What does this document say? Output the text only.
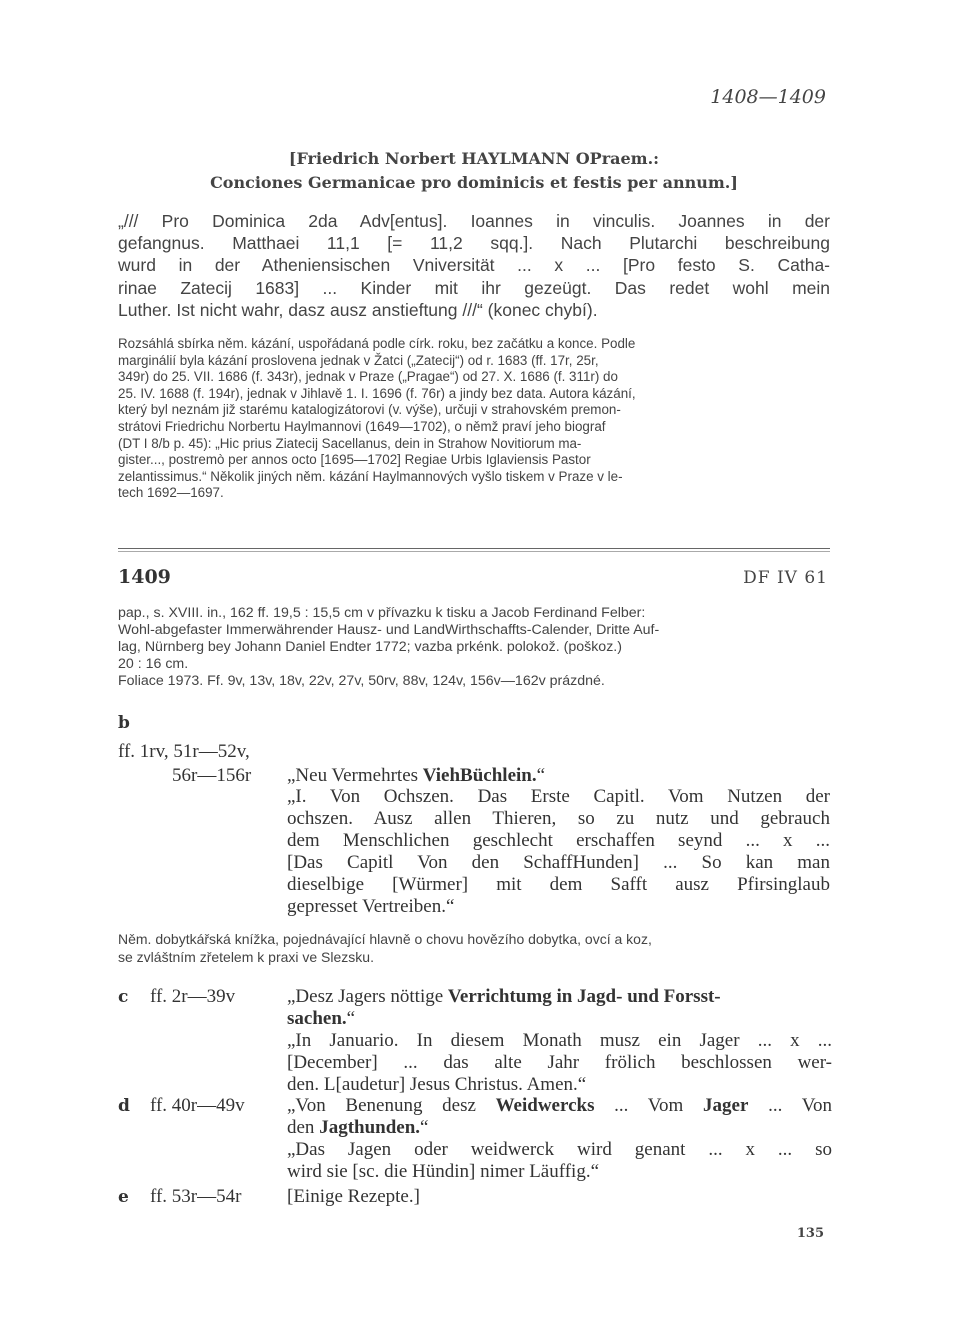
1408—1409
[Friedrich Norbert HAYLMANN OPraem.:
Conciones Germanicae pro dominicis et festis per annum.]
„/// Pro Dominica 2da Adv[entus]. Ioannes in vinculis. Joannes in der
gefangnus. Matthaei 11,1 [= 11,2 sqq.]. Nach Plutarchi beschreibung
wurd in der Atheniensischen Vniversität ... x ... [Pro festo S. Catha-
rinae Zatecij 1683] ... Kinder mit ihr gezeügt. Das redet wohl mein
Luther. Ist nicht wahr, dasz ausz anstieftung ///“ (konec chybí).
Rozsáhlá sbírka něm. kázání, uspořádaná podle círk. roku, bez začátku a konce. Podle
marginálií byla kázání proslovena jednak v Žatci („Zatecij“) od r. 1683 (ff. 17r, 25r,
349r) do 25. VII. 1686 (f. 343r), jednak v Praze („Pragae“) od 27. X. 1686 (f. 311r) do
25. IV. 1688 (f. 194r), jednak v Jihlavě 1. I. 1696 (f. 76r) a jindy bez data. Autora kázání,
který byl neznám již starému katalogizátorovi (v. výše), určuji v strahovském premon-
strátovi Friedrichu Norbertu Haylmannovi (1649—1702), o němž praví jeho biograf
(DT I 8/b p. 45): „Hic prius Ziatecij Sacellanus, dein in Strahow Novitiorum ma-
gister..., postremò per annos octo [1695—1702] Regiae Urbis Iglaviensis Pastor
zelantissimus.“ Několik jiných něm. kázání Haylmannových vyšlo tiskem v Praze v le-
tech 1692—1697.
1409	DF IV 61
pap., s. XVIII. in., 162 ff. 19,5 : 15,5 cm v přívazku k tisku a Jacob Ferdinand Felber:
Wohl-abgefaster Immerwährender Hausz- und LandWirthschaffts-Calender, Dritte Auf-
lag, Nürnberg bey Johann Daniel Endter 1772; vazba prkénk. polokož. (poškoz.)
20 : 16 cm.
Foliace 1973. Ff. 9v, 13v, 18v, 22v, 27v, 50rv, 88v, 124v, 156v—162v prázdné.
b
ff. 1rv, 51r—52v,
56r—156r „Neu Vermehrtes ViehBüchlein.“
„I. Von Ochszen. Das Erste Capitl. Vom Nutzen der
ochszen. Ausz allen Thieren, so zu nutz und gebrauch
dem Menschlichen geschlecht erschaffen seynd ... x ...
[Das Capitl Von den SchaffHunden] ... So kan man
dieselbige [Würmer] mit dem Safft ausz Pfirsinglaub
gepresset Vertreiben.“
Něm. dobytkářská knížka, pojednávající hlavně o chovu hovězího dobytka, ovcí a koz,
se zvláštním zřetelem k praxi ve Slezsku.
c ff. 2r—39v	„Desz Jagers nöttige Verrichtumg in Jagd- und Forsst-
sachen.“
„In Januario. In diesem Monath musz ein Jager ... x ...
[December] ... das alte Jahr frölich beschlossen wer-
den. L[audetur] Jesus Christus. Amen.“
d ff. 40r—49v „Von Benenung desz Weidwercks ... Vom Jager ... Von
den Jagthunden.“
„Das Jagen oder weidwerck wird genant ... x ... so
wird sie [sc. die Hündin] nimer Läuffig.“
e ff. 53r—54r [Einige Rezepte.]
135
